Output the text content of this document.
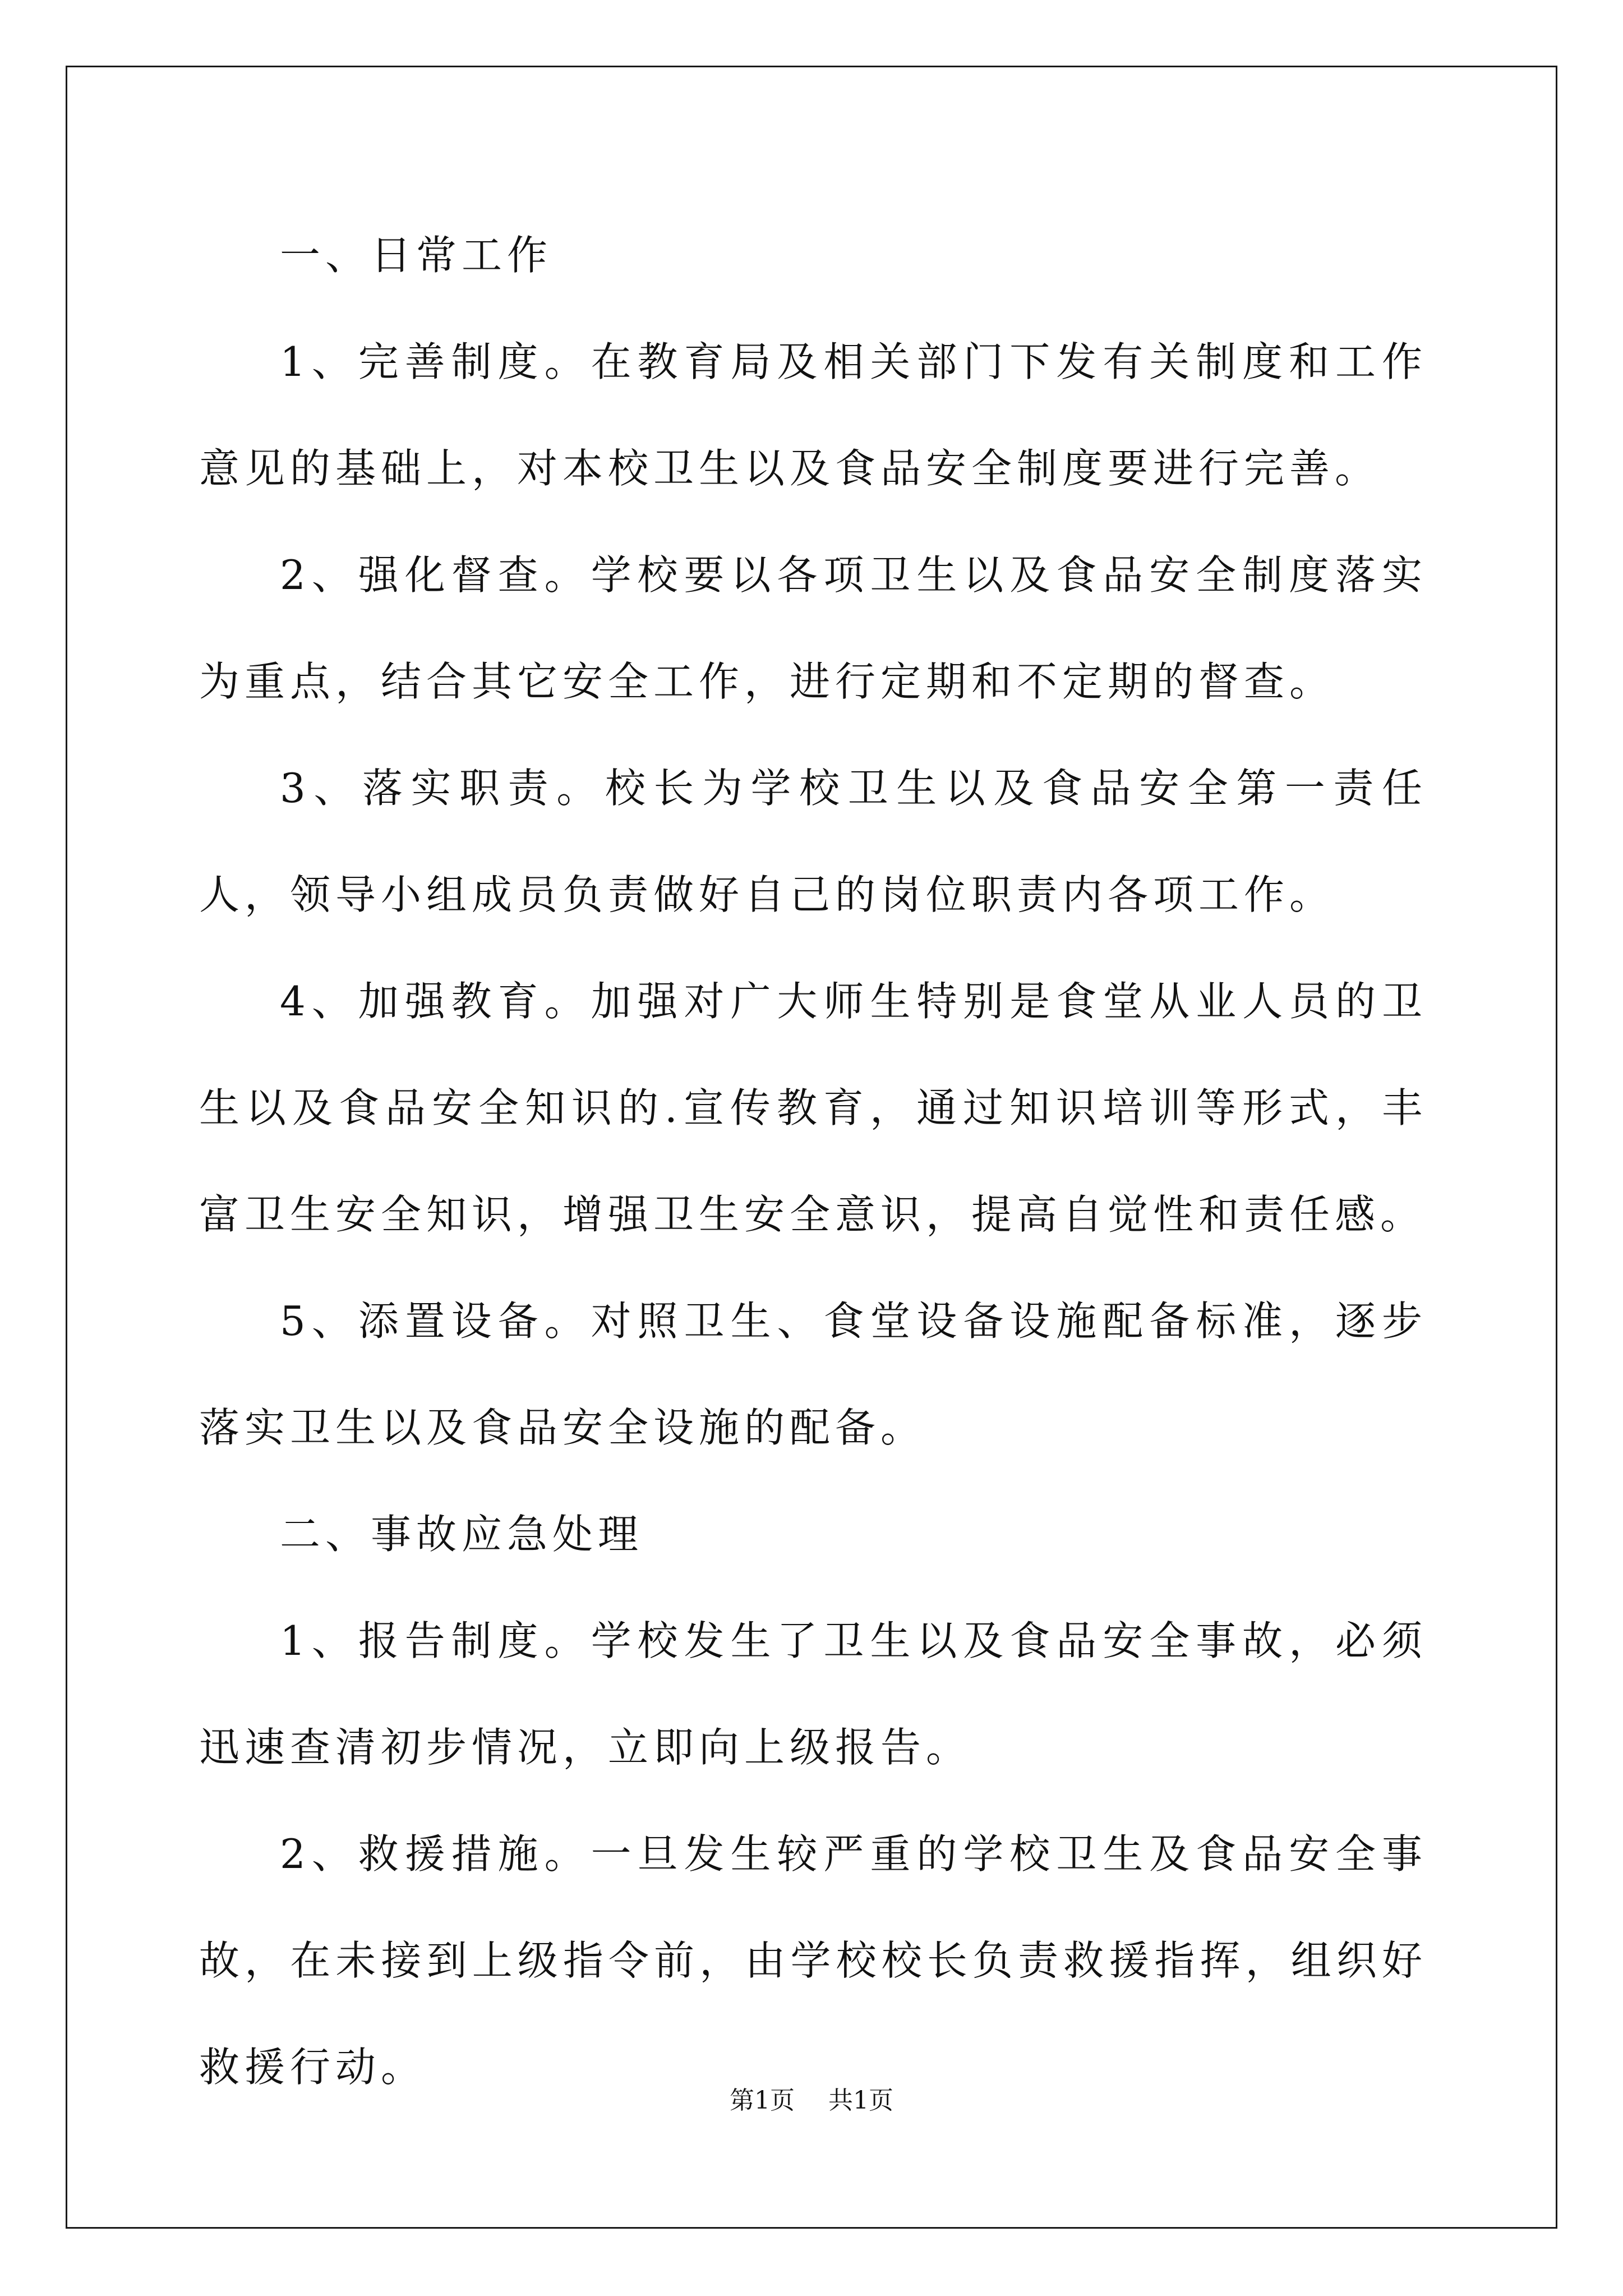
一、日常工作

1、完善制度。在教育局及相关部门下发有关制度和工作意见的基础上，对本校卫生以及食品安全制度要进行完善。

2、强化督查。学校要以各项卫生以及食品安全制度落实为重点，结合其它安全工作，进行定期和不定期的督查。

3、落实职责。校长为学校卫生以及食品安全第一责任人，领导小组成员负责做好自己的岗位职责内各项工作。

4、加强教育。加强对广大师生特别是食堂从业人员的卫生以及食品安全知识的.宣传教育，通过知识培训等形式，丰富卫生安全知识，增强卫生安全意识，提高自觉性和责任感。

5、添置设备。对照卫生、食堂设备设施配备标准，逐步落实卫生以及食品安全设施的配备。

二、事故应急处理

1、报告制度。学校发生了卫生以及食品安全事故，必须迅速查清初步情况，立即向上级报告。

2、救援措施。一旦发生较严重的学校卫生及食品安全事故，在未接到上级指令前，由学校校长负责救援指挥，组织好救援行动。

第1页 共1页
